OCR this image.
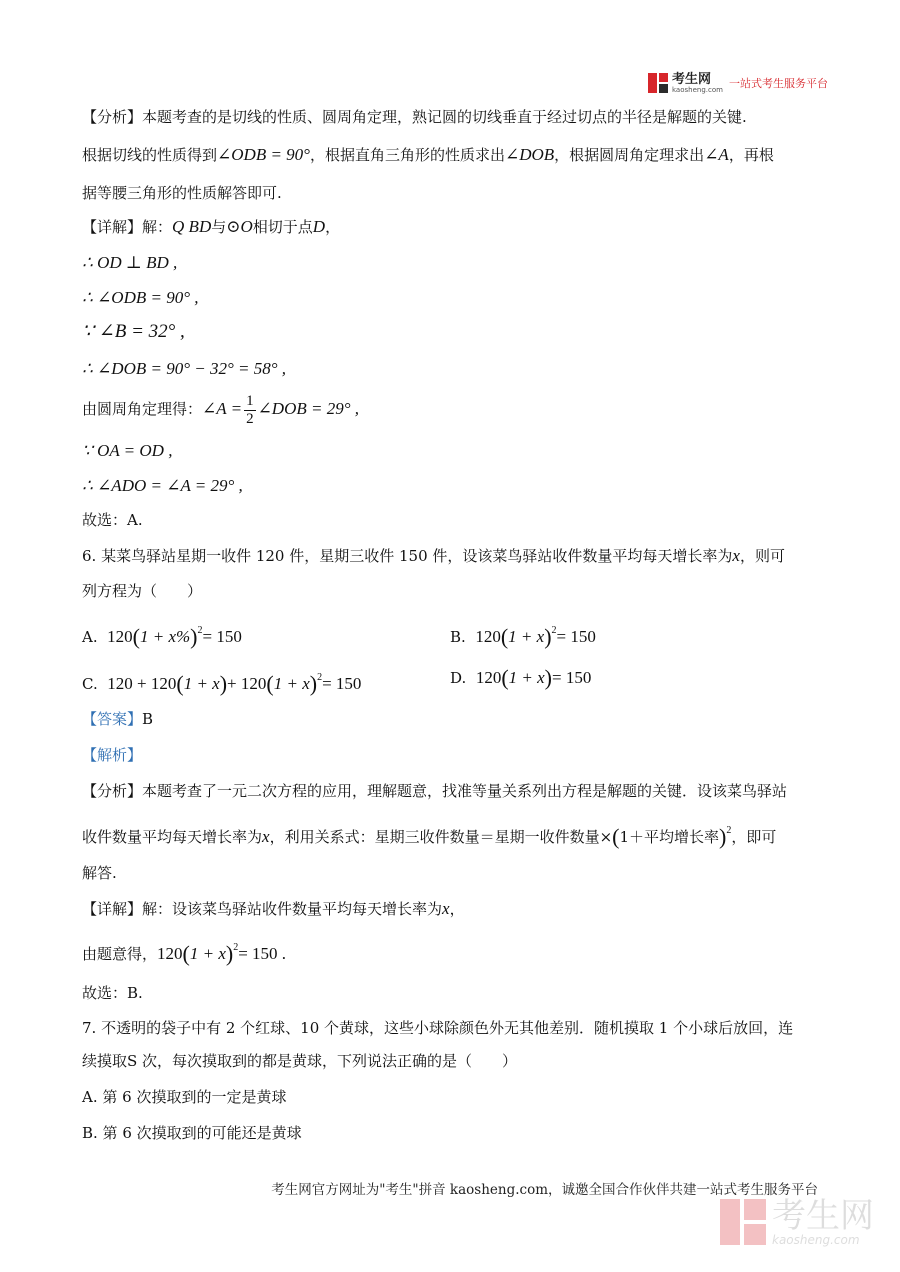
考生网
kaosheng.com 一站式考生服务平台
【分析】本题考查的是切线的性质、圆周角定理，熟记圆的切线垂直于经过切点的半径是解题的关键.
根据切线的性质得到∠ODB = 90°，根据直角三角形的性质求出∠DOB，根据圆周角定理求出∠A，再根
据等腰三角形的性质解答即可.
【详解】解：Q BD与⊙O相切于点D，
∴ OD ⊥ BD ,
∴ ∠ODB = 90° ,
∵ ∠B = 32° ,
∴ ∠DOB = 90° − 32° = 58° ,
由圆周角定理得：∠A = $\frac{1}{2}$ ∠DOB = 29° ,
∵ OA = OD ,
∴ ∠ADO = ∠A = 29° ,
故选：A.
6. 某菜鸟驿站星期一收件 120 件，星期三收件 150 件，设该菜鸟驿站收件数量平均每天增长率为x，则可
列方程为（　　）
A. $120(1 + x\%)^2= 150$	B. $120(1 + x)^2= 150$
C. $120 + 120(1 + x)+ 120(1 + x)^2= 150$	D. 120(1 + x)= 150
【答案】B
【解析】
【分析】本题考查了一元二次方程的应用，理解题意，找准等量关系列出方程是解题的关键．设该菜鸟驿站
收件数量平均每天增长率为x，利用关系式：星期三收件数量＝星期一收件数量×(1＋平均增长率)$^2$，即可
解答.
【详解】解：设该菜鸟驿站收件数量平均每天增长率为x，
由题意得，$120(1 + x)^2= 150$ .
故选：B.
7. 不透明的袋子中有 2 个红球、10 个黄球，这些小球除颜色外无其他差别．随机摸取 1 个小球后放回，连
续摸取S 次，每次摸取到的都是黄球，下列说法正确的是（　　）
A. 第 6 次摸取到的一定是黄球
B. 第 6 次摸取到的可能还是黄球
考生网官方网址为"考生"拼音 kaosheng.com，诚邀全国合作伙伴共建一站式考生服务平台
考生网
kaosheng.com
